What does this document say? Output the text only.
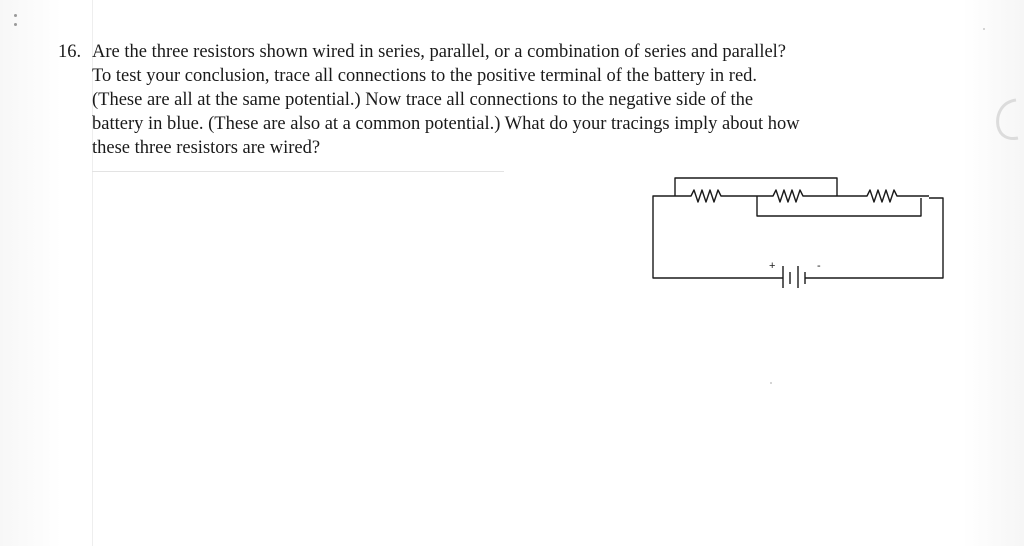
16. Are the three resistors shown wired in series, parallel, or a combination of series and parallel?
To test your conclusion, trace all connections to the positive terminal of the battery in red.
(These are all at the same potential.) Now trace all connections to the negative side of the
battery in blue. (These are also at a common potential.) What do your tracings imply about how
these three resistors are wired?
+	-
